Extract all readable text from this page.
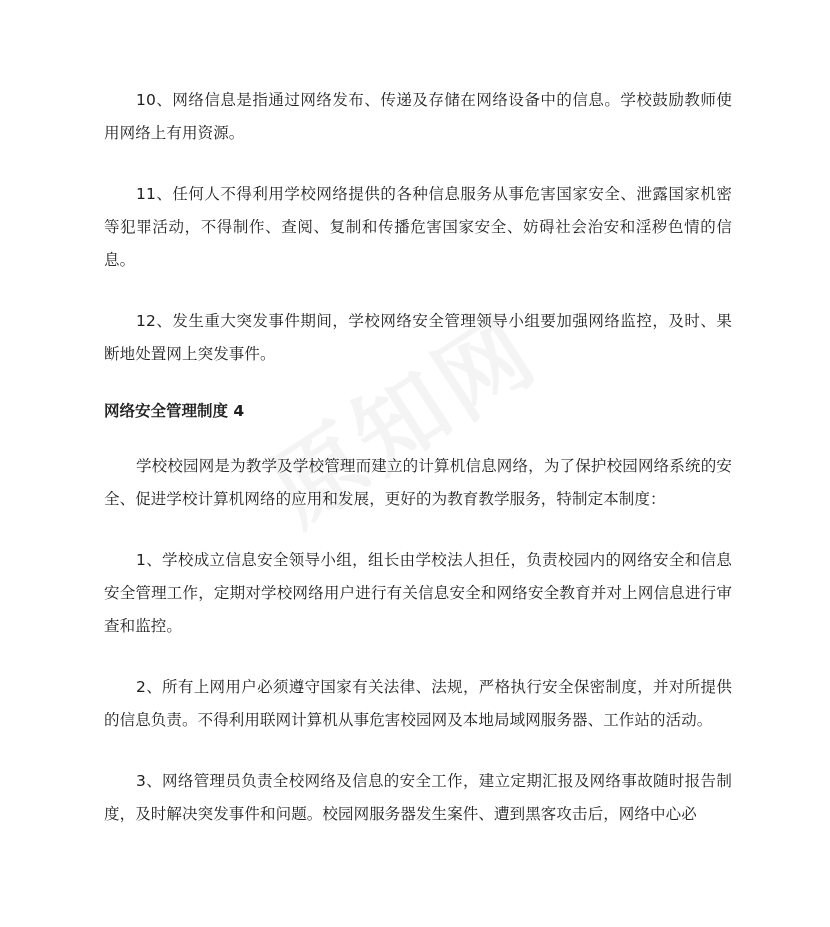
10、网络信息是指通过网络发布、传递及存储在网络设备中的信息。学校鼓励教师使用网络上有用资源。

11、任何人不得利用学校网络提供的各种信息服务从事危害国家安全、泄露国家机密等犯罪活动，不得制作、查阅、复制和传播危害国家安全、妨碍社会治安和淫秽色情的信息。

12、发生重大突发事件期间，学校网络安全管理领导小组要加强网络监控，及时、果断地处置网上突发事件。

网络安全管理制度 4

学校校园网是为教学及学校管理而建立的计算机信息网络，为了保护校园网络系统的安全、促进学校计算机网络的应用和发展，更好的为教育教学服务，特制定本制度：

1、学校成立信息安全领导小组，组长由学校法人担任，负责校园内的网络安全和信息安全管理工作，定期对学校网络用户进行有关信息安全和网络安全教育并对上网信息进行审查和监控。

2、所有上网用户必须遵守国家有关法律、法规，严格执行安全保密制度，并对所提供的信息负责。不得利用联网计算机从事危害校园网及本地局域网服务器、工作站的活动。

3、网络管理员负责全校网络及信息的安全工作，建立定期汇报及网络事故随时报告制度，及时解决突发事件和问题。校园网服务器发生案件、遭到黑客攻击后，网络中心必
